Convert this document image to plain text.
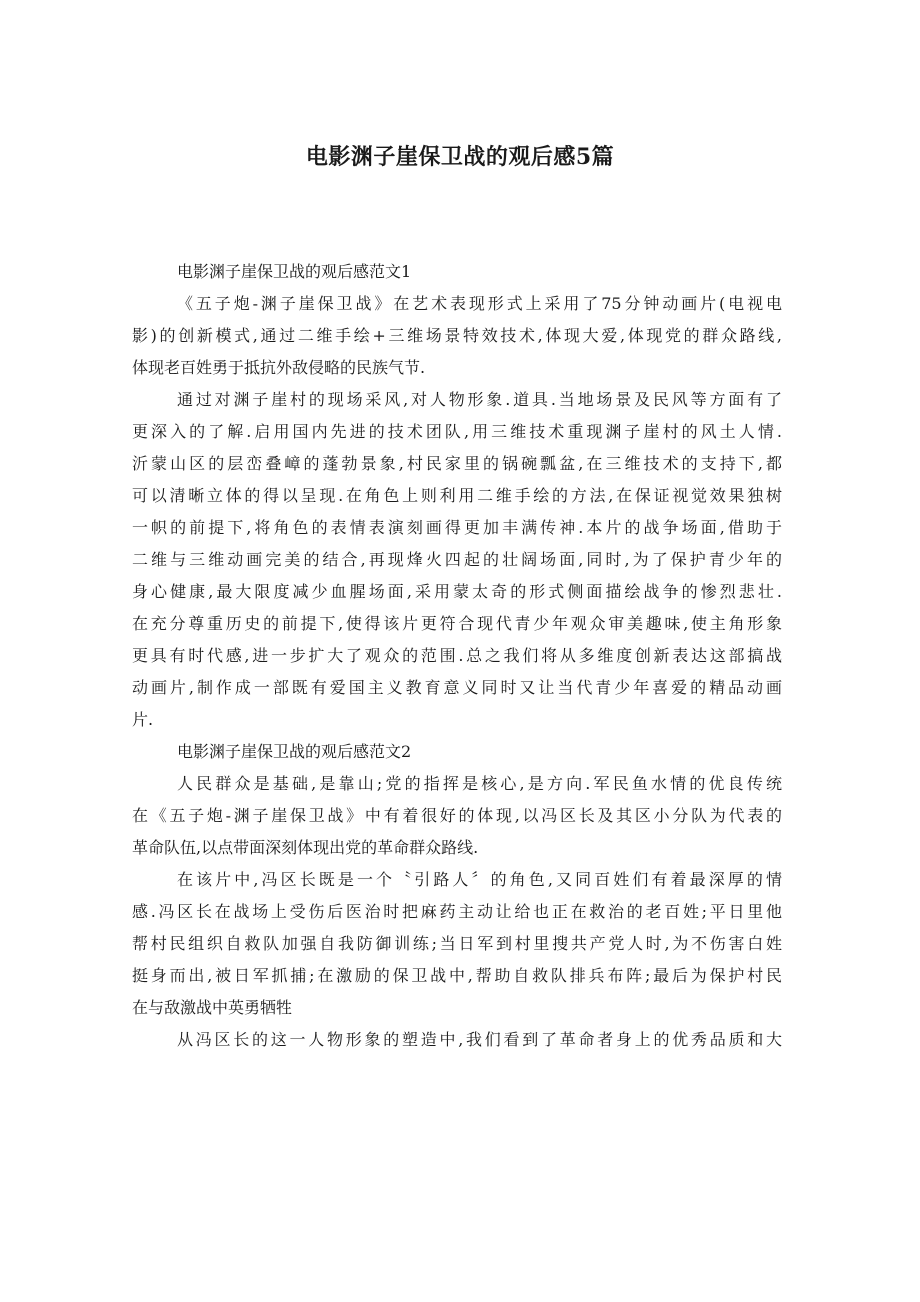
电影渊子崖保卫战的观后感5篇

电影渊子崖保卫战的观后感范文1

《五子炮-渊子崖保卫战》在艺术表现形式上采用了75分钟动画片(电视电
影)的创新模式,通过二维手绘+三维场景特效技术,体现大爱,体现党的群众路线,
体现老百姓勇于抵抗外敌侵略的民族气节.
通过对渊子崖村的现场采风,对人物形象.道具.当地场景及民风等方面有了
更深入的了解.启用国内先进的技术团队,用三维技术重现渊子崖村的风土人情.
沂蒙山区的层峦叠嶂的蓬勃景象,村民家里的锅碗瓢盆,在三维技术的支持下,都
可以清晰立体的得以呈现.在角色上则利用二维手绘的方法,在保证视觉效果独树
一帜的前提下,将角色的表情表演刻画得更加丰满传神.本片的战争场面,借助于
二维与三维动画完美的结合,再现烽火四起的壮阔场面,同时,为了保护青少年的
身心健康,最大限度减少血腥场面,采用蒙太奇的形式侧面描绘战争的惨烈悲壮.
在充分尊重历史的前提下,使得该片更符合现代青少年观众审美趣味,使主角形象
更具有时代感,进一步扩大了观众的范围.总之我们将从多维度创新表达这部搞战
动画片,制作成一部既有爱国主义教育意义同时又让当代青少年喜爱的精品动画
片.

电影渊子崖保卫战的观后感范文2

人民群众是基础,是靠山;党的指挥是核心,是方向.军民鱼水情的优良传统
在《五子炮-渊子崖保卫战》中有着很好的体现,以冯区长及其区小分队为代表的
革命队伍,以点带面深刻体现出党的革命群众路线.
在该片中,冯区长既是一个〝引路人〞的角色,又同百姓们有着最深厚的情
感.冯区长在战场上受伤后医治时把麻药主动让给也正在救治的老百姓;平日里他
帮村民组织自救队加强自我防御训练;当日军到村里搜共产党人时,为不伤害白姓
挺身而出,被日军抓捕;在激励的保卫战中,帮助自救队排兵布阵;最后为保护村民
在与敌激战中英勇牺牲
从冯区长的这一人物形象的塑造中,我们看到了革命者身上的优秀品质和大
